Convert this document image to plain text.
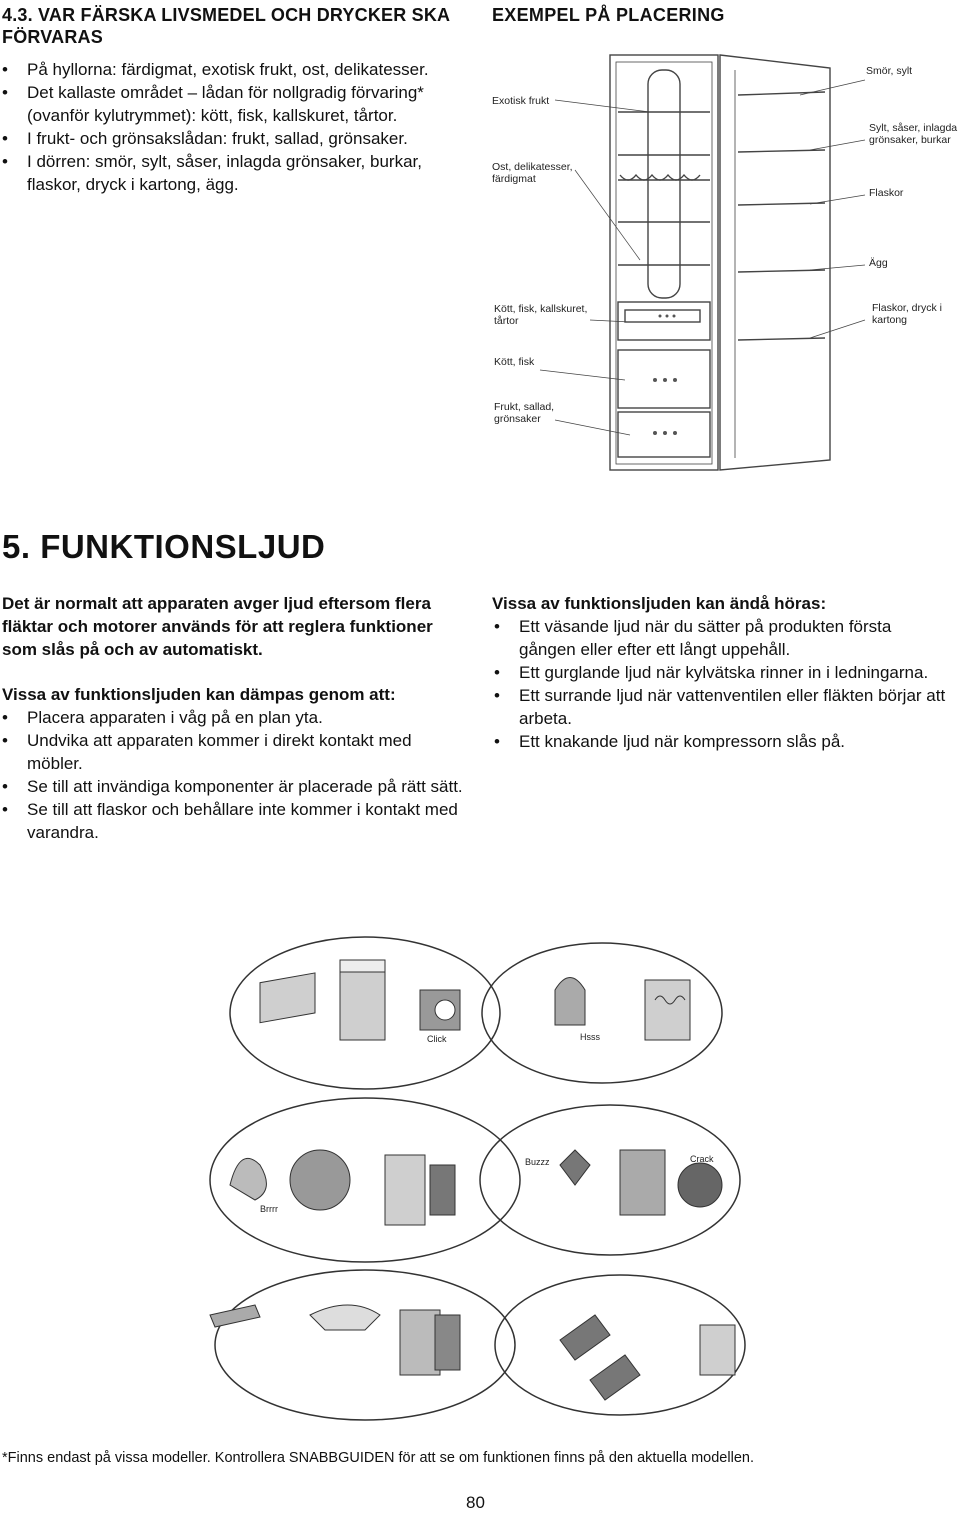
4.3. VAR FÄRSKA LIVSMEDEL OCH DRYCKER SKA FÖRVARAS
• På hyllorna: färdigmat, exotisk frukt, ost, delikatesser.
• Det kallaste området – lådan för nollgradig förvaring* (ovanför kylutrymmet): kött, fisk, kallskuret, tårtor.
• I frukt- och grönsakslådan: frukt, sallad, grönsaker.
• I dörren: smör, sylt, såser, inlagda grönsaker, burkar, flaskor, dryck i kartong, ägg.
EXEMPEL PÅ PLACERING
Exotisk frukt
Ost, delikatesser, färdigmat
Kött, fisk, kallskuret, tårtor
Kött, fisk
Frukt, sallad, grönsaker
Smör, sylt
Sylt, såser, inlagda grönsaker, burkar
Flaskor
Ägg
Flaskor, dryck i kartong
5. FUNKTIONSLJUD
Det är normalt att apparaten avger ljud eftersom flera fläktar och motorer används för att reglera funktioner som slås på och av automatiskt.
Vissa av funktionsljuden kan dämpas genom att:
• Placera apparaten i våg på en plan yta.
• Undvika att apparaten kommer i direkt kontakt med möbler.
• Se till att invändiga komponenter är placerade på rätt sätt.
• Se till att flaskor och behållare inte kommer i kontakt med varandra.
Vissa av funktionsljuden kan ändå höras:
• Ett väsande ljud när du sätter på produkten första gången eller efter ett långt uppehåll.
• Ett gurglande ljud när kylvätska rinner in i ledningarna.
• Ett surrande ljud när vattenventilen eller fläkten börjar att arbeta.
• Ett knakande ljud när kompressorn slås på.
Click	Hsss
Brrrr
Buzzz	Crack
*Finns endast på vissa modeller. Kontrollera SNABBGUIDEN för att se om funktionen finns på den aktuella modellen.
80
